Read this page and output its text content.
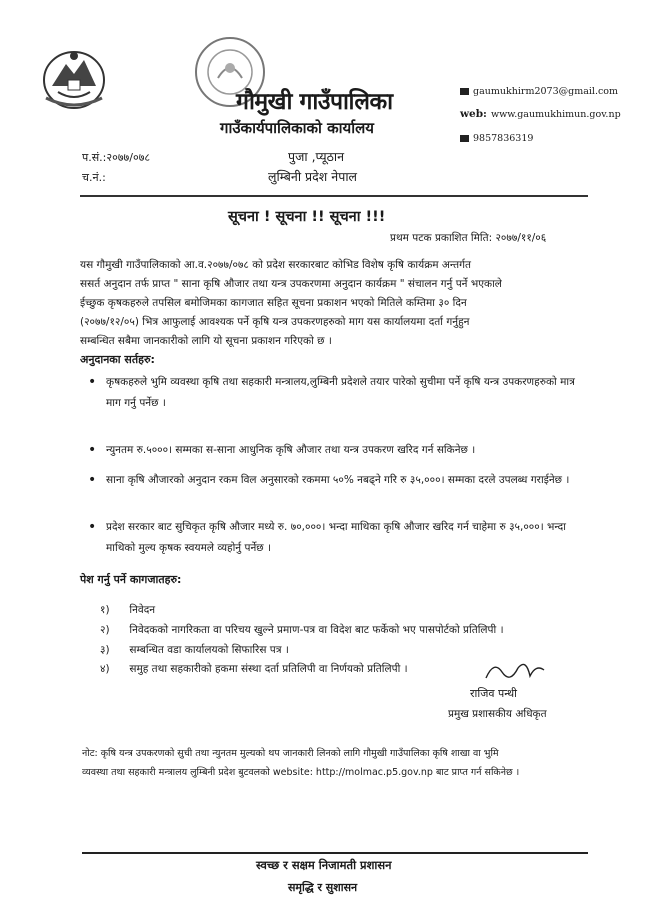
गौमुखी गाउँपालिका
गाउँकार्यपालिकाको कार्यालय
पुजा ,प्यूठान
लुम्बिनी प्रदेश नेपाल
प.सं.:२०७७/०७८
च.नं.:
gaumukhirm2073@gmail.com
web: www.gaumukhimun.gov.np
9857836319
सूचना ! सूचना !! सूचना !!!
प्रथम पटक प्रकाशित मिति: २०७७/११/०६
यस गौमुखी गाउँपालिकाको आ.व.२०७७/०७८ को प्रदेश सरकारबाट कोभिड विशेष कृषि कार्यक्रम अन्तर्गत
ससर्त अनुदान तर्फ प्राप्त " साना कृषि औजार तथा यन्त्र उपकरणमा अनुदान कार्यक्रम " संचालन गर्नु पर्ने भएकाले
ईच्छुक कृषकहरुले तपसिल बमोजिमका कागजात सहित सूचना प्रकाशन भएको मितिले कम्तिमा ३० दिन
(२०७७/१२/०५) भित्र आफुलाई आवश्यक पर्ने कृषि यन्त्र उपकरणहरुको माग यस कार्यालयमा दर्ता गर्नुहुन
सम्बन्धित सबैमा जानकारीको लागि यो सूचना प्रकाशन गरिएको छ ।
अनुदानका सर्तहरु:
• कृषकहरुले भुमि व्यवस्था कृषि तथा सहकारी मन्त्रालय,लुम्बिनी प्रदेशले तयार पारेको सुचीमा पर्ने कृषि यन्त्र उपकरणहरुको मात्र माग गर्नु पर्नेछ ।
• न्युनतम रु.५०००। सम्मका स-साना आधुनिक कृषि औजार तथा यन्त्र उपकरण खरिद गर्न सकिनेछ ।
• साना कृषि औजारको अनुदान रकम विल अनुसारको रकममा ५०% नबढ्ने गरि रु ३५,०००। सम्मका दरले उपलब्ध गराईनेछ ।
• प्रदेश सरकार बाट सुचिकृत कृषि औजार मध्ये रु. ७०,०००। भन्दा माथिका कृषि औजार खरिद गर्न चाहेमा रु ३५,०००। भन्दा माथिको मुल्य कृषक स्वयमले व्यहोर्नु पर्नेछ ।
पेश गर्नु पर्ने कागजातहरु:
१) निवेदन
२) निवेदकको नागरिकता वा परिचय खुल्ने प्रमाण-पत्र वा विदेश बाट फर्केको भए पासपोर्टको प्रतिलिपी ।
३) सम्बन्धित वडा कार्यालयको सिफारिस पत्र ।
४) समुह तथा सहकारीको हकमा संस्था दर्ता प्रतिलिपी वा निर्णयको प्रतिलिपी ।
राजिव पन्थी
प्रमुख प्रशासकीय अधिकृत
नोट: कृषि यन्त्र उपकरणको सुची तथा न्युनतम मुल्यको थप जानकारी लिनको लागि गौमुखी गाउँपालिका कृषि शाखा वा भुमि
व्यवस्था तथा सहकारी मन्त्रालय लुम्बिनी प्रदेश बुटवलको website: http://molmac.p5.gov.np बाट प्राप्त गर्न सकिनेछ ।
स्वच्छ र सक्षम निजामती प्रशासन
समृद्धि र सुशासन
